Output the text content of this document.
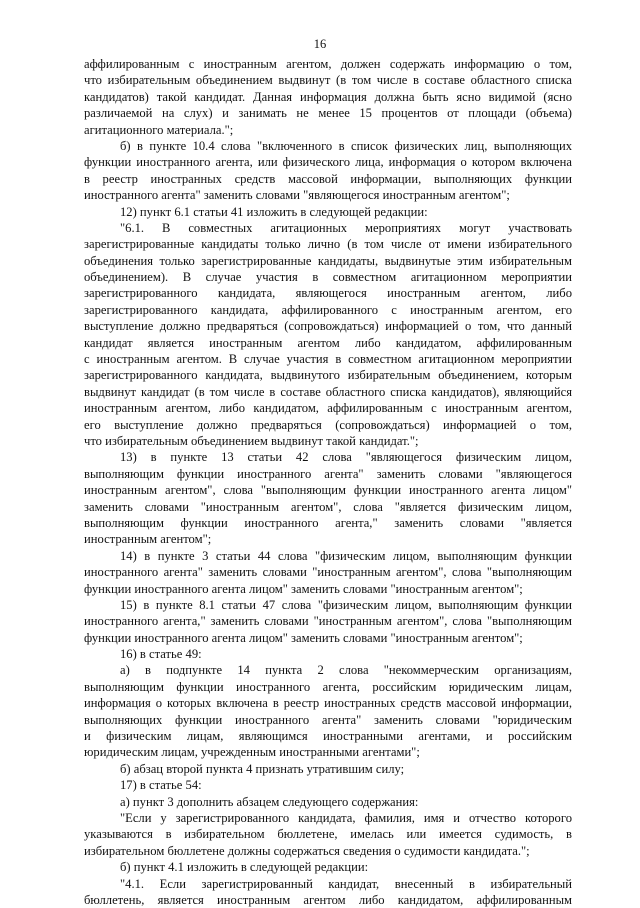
16
аффилированным с иностранным агентом, должен содержать информацию о том,
что избирательным объединением выдвинут (в том числе в составе областного списка
кандидатов) такой кандидат. Данная информация должна быть ясно видимой (ясно
различаемой на слух) и занимать не менее 15 процентов от площади (объема)
агитационного материала.";
б) в пункте 10.4 слова "включенного в список физических лиц, выполняющих
функции иностранного агента, или физического лица, информация о котором включена
в реестр иностранных средств массовой информации, выполняющих функции
иностранного агента" заменить словами "являющегося иностранным агентом";
12) пункт 6.1 статьи 41 изложить в следующей редакции:
"6.1. В совместных агитационных мероприятиях могут участвовать
зарегистрированные кандидаты только лично (в том числе от имени избирательного
объединения только зарегистрированные кандидаты, выдвинутые этим избирательным
объединением). В случае участия в совместном агитационном мероприятии
зарегистрированного кандидата, являющегося иностранным агентом, либо
зарегистрированного кандидата, аффилированного с иностранным агентом, его
выступление должно предваряться (сопровождаться) информацией о том, что данный
кандидат является иностранным агентом либо кандидатом, аффилированным
с иностранным агентом. В случае участия в совместном агитационном мероприятии
зарегистрированного кандидата, выдвинутого избирательным объединением, которым
выдвинут кандидат (в том числе в составе областного списка кандидатов), являющийся
иностранным агентом, либо кандидатом, аффилированным с иностранным агентом,
его выступление должно предваряться (сопровождаться) информацией о том,
что избирательным объединением выдвинут такой кандидат.";
13) в пункте 13 статьи 42 слова "являющегося физическим лицом,
выполняющим функции иностранного агента" заменить словами "являющегося
иностранным агентом", слова "выполняющим функции иностранного агента лицом"
заменить словами "иностранным агентом", слова "является физическим лицом,
выполняющим функции иностранного агента," заменить словами "является
иностранным агентом";
14) в пункте 3 статьи 44 слова "физическим лицом, выполняющим функции
иностранного агента" заменить словами "иностранным агентом", слова "выполняющим
функции иностранного агента лицом" заменить словами "иностранным агентом";
15) в пункте 8.1 статьи 47 слова "физическим лицом, выполняющим функции
иностранного агента," заменить словами "иностранным агентом", слова "выполняющим
функции иностранного агента лицом" заменить словами "иностранным агентом";
16) в статье 49:
а) в подпункте 14 пункта 2 слова "некоммерческим организациям,
выполняющим функции иностранного агента, российским юридическим лицам,
информация о которых включена в реестр иностранных средств массовой информации,
выполняющих функции иностранного агента" заменить словами "юридическим
и физическим лицам, являющимся иностранными агентами, и российским
юридическим лицам, учрежденным иностранными агентами";
б) абзац второй пункта 4 признать утратившим силу;
17) в статье 54:
а) пункт 3 дополнить абзацем следующего содержания:
"Если у зарегистрированного кандидата, фамилия, имя и отчество которого
указываются в избирательном бюллетене, имелась или имеется судимость, в
избирательном бюллетене должны содержаться сведения о судимости кандидата.";
б) пункт 4.1 изложить в следующей редакции:
"4.1. Если зарегистрированный кандидат, внесенный в избирательный
бюллетень, является иностранным агентом либо кандидатом, аффилированным
